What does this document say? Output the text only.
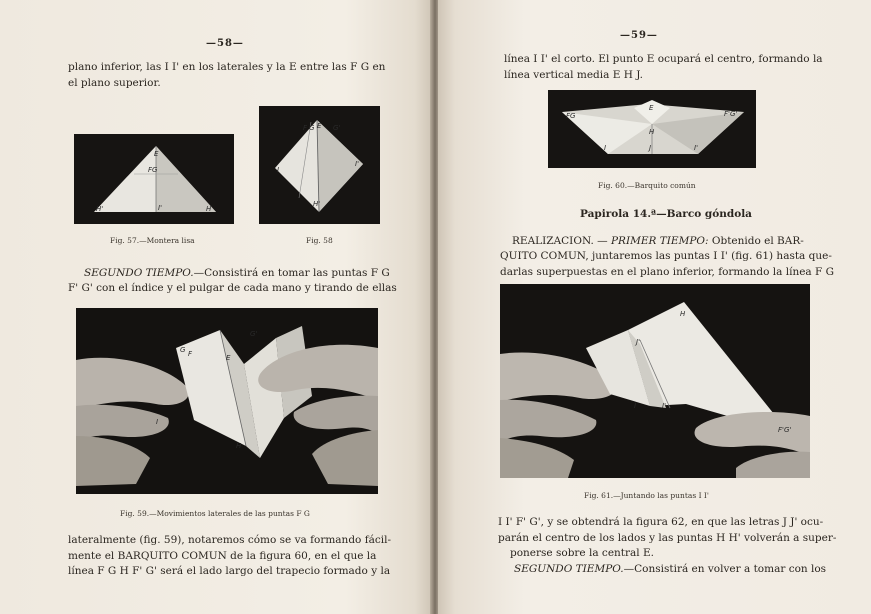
—58—
plano inferior, las I I' en los laterales y la E entre las F G en
el plano superior.
E
FG
H'	I'	H
Fig. 57.—Montera lisa
F G E G'
I
H'
I'
Fig. 58
SEGUNDO TIEMPO.—Consistirá en tomar las puntas F G
F' G' con el índice y el pulgar de cada mano y tirando de ellas
G F	E
G'
I
H
Fig. 59.—Movimientos laterales de las puntas F G
lateralmente (fig. 59), notaremos cómo se va formando fácil-
mente el BARQUITO COMUN de la figura 60, en el que la
línea F G H F' G' será el lado largo del trapecio formado y la
—59—
línea I I' el corto. El punto E ocupará el centro, formando la
línea vertical media E H J.
FG
E
H
F'G'
I	J	I'
Fig. 60.—Barquito común
Papirola 14.ª—Barco góndola
REALIZACION. — PRIMER TIEMPO: Obtenido el BAR-
QUITO COMUN, juntaremos las puntas I I' (fig. 61) hasta que-
darlas superpuestas en el plano inferior, formando la línea F G
H
J'
I	I'
F'G'
Fig. 61.—Juntando las puntas I I'
I I' F' G', y se obtendrá la figura 62, en que las letras J J' ocu-
parán el centro de los lados y las puntas H H' volverán a super-
ponerse sobre la central E.
SEGUNDO TIEMPO.—Consistirá en volver a tomar con los
